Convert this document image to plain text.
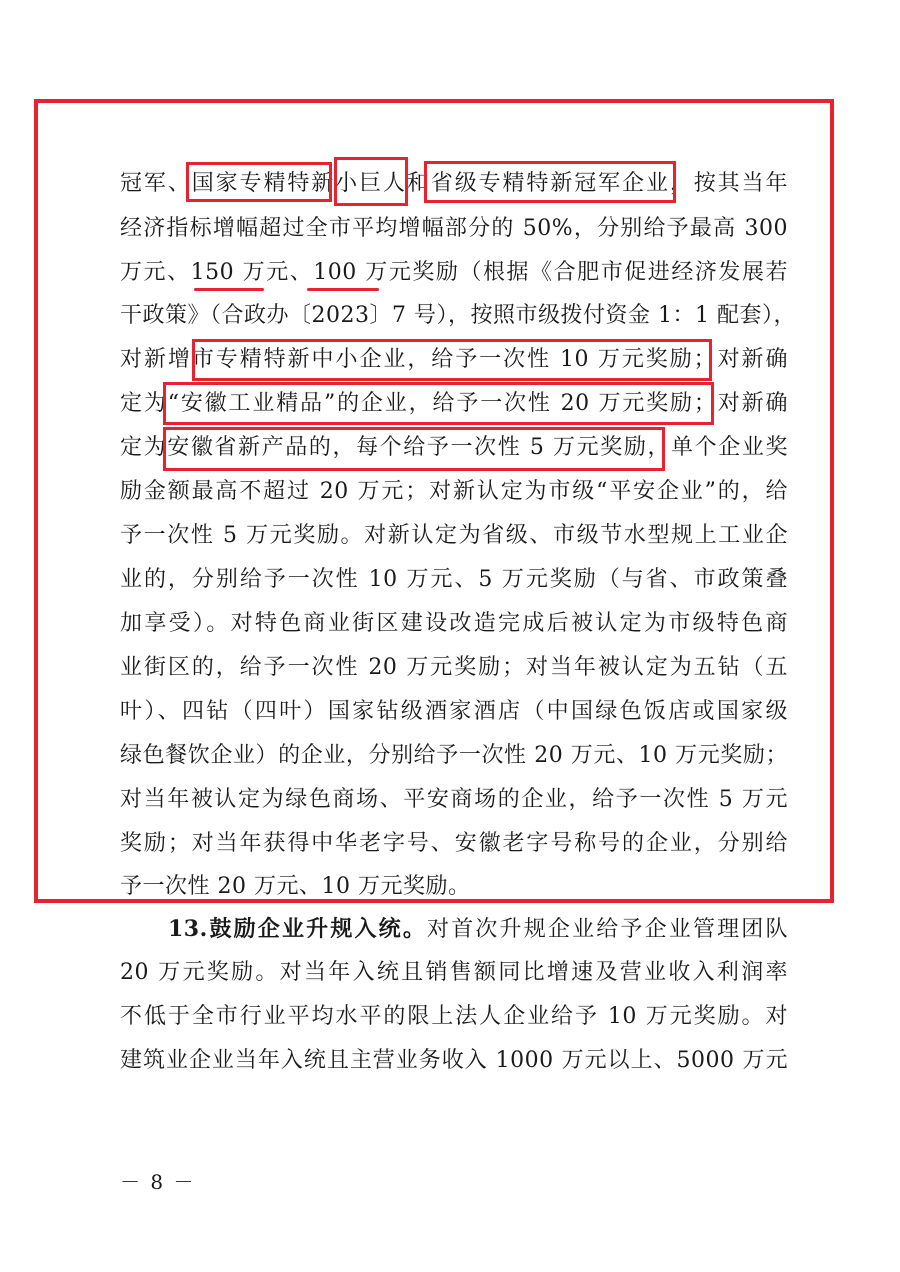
冠军、国家专精特新小巨人和省级专精特新冠军企业，按其当年
经济指标增幅超过全市平均增幅部分的 50%，分别给予最高 300
万元、150 万元、100 万元奖励（根据《合肥市促进经济发展若
干政策》（合政办〔2023〕7 号），按照市级拨付资金 1：1 配套），
对新增市专精特新中小企业，给予一次性 10 万元奖励；对新确
定为“安徽工业精品”的企业，给予一次性 20 万元奖励；对新确
定为安徽省新产品的，每个给予一次性 5 万元奖励，单个企业奖
励金额最高不超过 20 万元；对新认定为市级“平安企业”的，给
予一次性 5 万元奖励。对新认定为省级、市级节水型规上工业企
业的，分别给予一次性 10 万元、5 万元奖励（与省、市政策叠
加享受）。对特色商业街区建设改造完成后被认定为市级特色商
业街区的，给予一次性 20 万元奖励；对当年被认定为五钻（五
叶）、四钻（四叶）国家钻级酒家酒店（中国绿色饭店或国家级
绿色餐饮企业）的企业，分别给予一次性 20 万元、10 万元奖励；
对当年被认定为绿色商场、平安商场的企业，给予一次性 5 万元
奖励；对当年获得中华老字号、安徽老字号称号的企业，分别给
予一次性 20 万元、10 万元奖励。
13.鼓励企业升规入统。对首次升规企业给予企业管理团队
20 万元奖励。对当年入统且销售额同比增速及营业收入利润率
不低于全市行业平均水平的限上法人企业给予 10 万元奖励。对
建筑业企业当年入统且主营业务收入 1000 万元以上、5000 万元
－ 8 －
